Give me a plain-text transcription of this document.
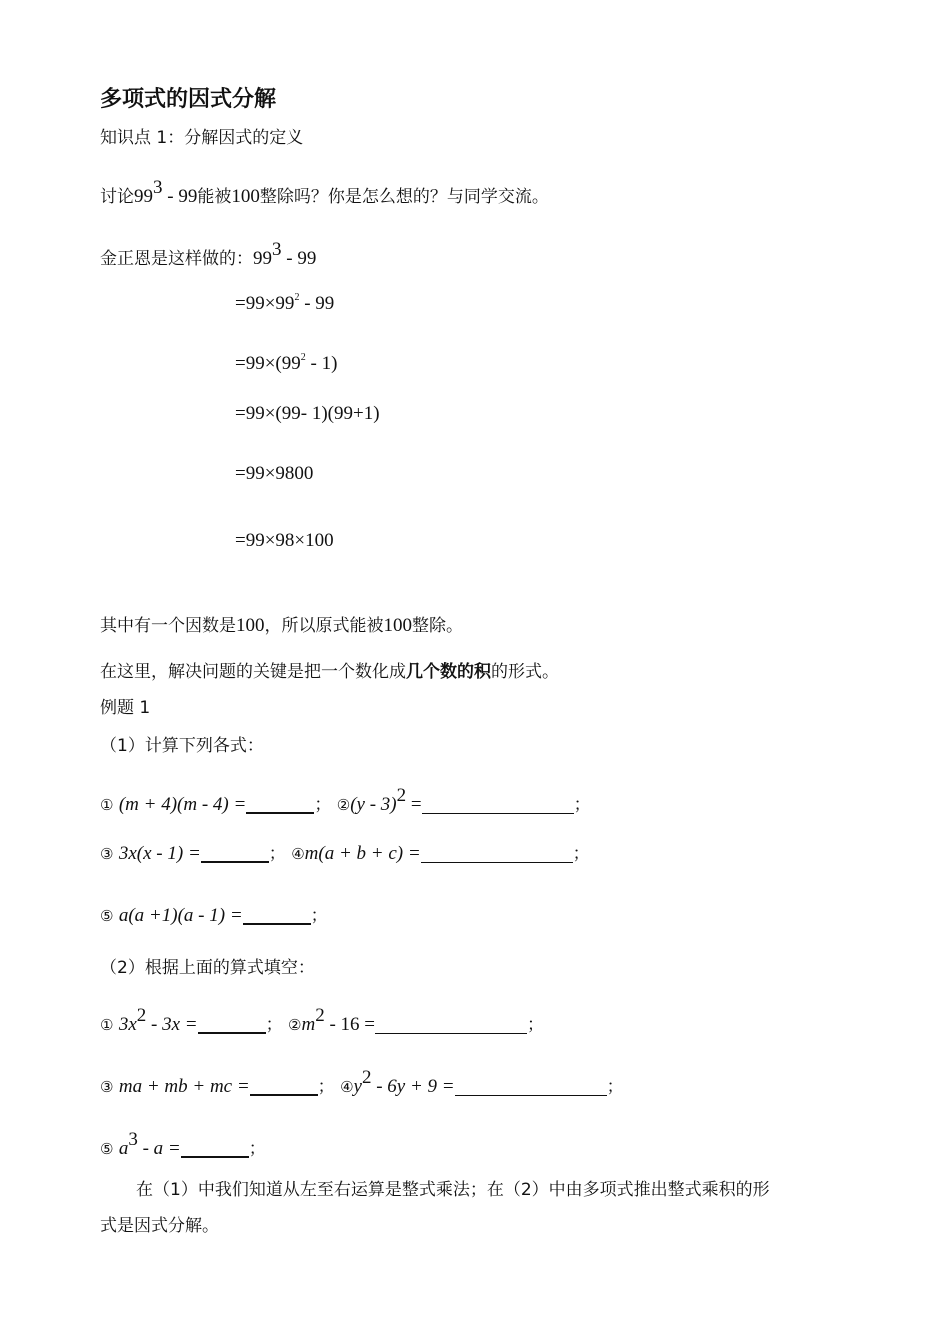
多项式的因式分解
知识点 1：分解因式的定义
讨论$99^3 - 99$能被100整除吗？你是怎么想的？与同学交流。
金正恩是这样做的：$99^3 - 99$
$=99\times 99^2 - 99$
$=99\times(99^2 - 1)$
=99×(99- 1)(99+1)
=99×9800
=99×98×100
其中有一个因数是100，所以原式能被100整除。
在这里，解决问题的关键是把一个数化成几个数的积的形式。
例题 1
（1）计算下列各式：
① (m + 4)(m - 4) =	； ②(y - 3)$^2$ =	；
③ 3x(x - 1) =	； ④m(a + b + c) =	；
⑤ a(a +1)(a - 1) =	；
（2）根据上面的算式填空：
① $3x^2 - 3x$ =	； $②m^2 - 16$ =	；
③ ma + mb + mc =	； $④y^2 - 6y + 9$ =	；
⑤ $a^3$ - a =	；
在（1）中我们知道从左至右运算是整式乘法；在（2）中由多项式推出整式乘积的形
式是因式分解。
